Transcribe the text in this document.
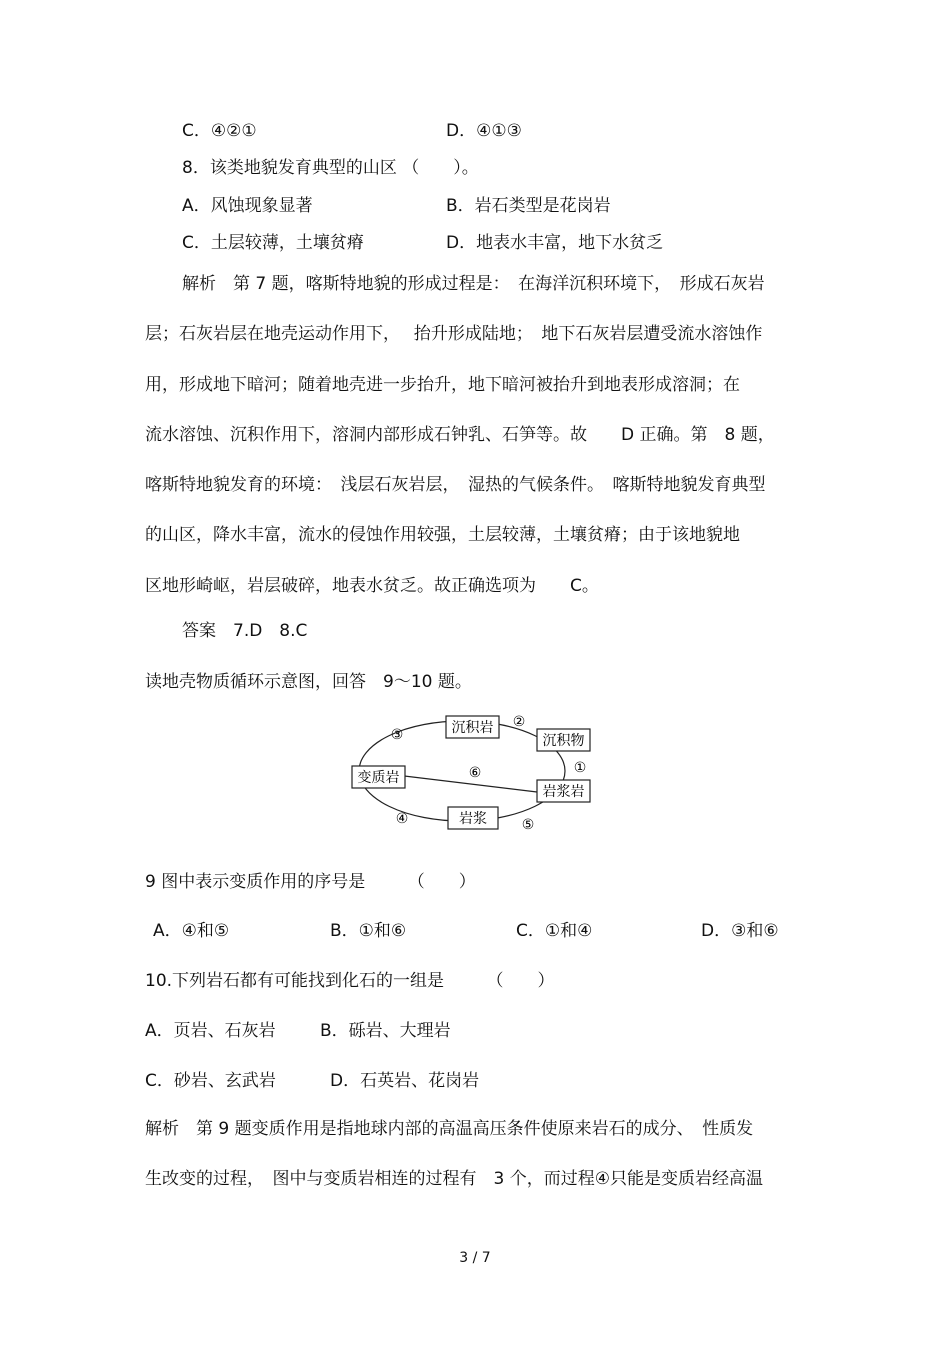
C．④②①	D．④①③
8．该类地貌发育典型的山区 （　　）。
A．风蚀现象显著	B．岩石类型是花岗岩
C．土层较薄，土壤贫瘠	D．地表水丰富，地下水贫乏
解析　第 7 题，喀斯特地貌的形成过程是：　在海洋沉积环境下，　形成石灰岩
层；石灰岩层在地壳运动作用下，　 抬升形成陆地；　地下石灰岩层遭受流水溶蚀作
用，形成地下暗河；随着地壳进一步抬升，地下暗河被抬升到地表形成溶洞；在
流水溶蚀、沉积作用下，溶洞内部形成石钟乳、石笋等。故　　D 正确。第　8 题，
喀斯特地貌发育的环境：　浅层石灰岩层，　湿热的气候条件。　喀斯特地貌发育典型
的山区，降水丰富，流水的侵蚀作用较强，土层较薄，土壤贫瘠；由于该地貌地
区地形崎岖，岩层破碎，地表水贫乏。故正确选项为　　C。
答案　7.D　8.C
读地壳物质循环示意图，回答　9～10 题。
沉积岩
沉积物
变质岩
岩浆岩
岩浆
③
②
①
⑥
④	⑤
9 图中表示变质作用的序号是　　　（　　）
A．④和⑤	B．①和⑥	C．①和④	D．③和⑥
10.下列岩石都有可能找到化石的一组是　　　（　　）
A．页岩、石灰岩	B．砾岩、大理岩
C．砂岩、玄武岩	D．石英岩、花岗岩
解析　第 9 题变质作用是指地球内部的高温高压条件使原来岩石的成分、　性质发
生改变的过程，　图中与变质岩相连的过程有　3 个，而过程④只能是变质岩经高温
3 / 7
